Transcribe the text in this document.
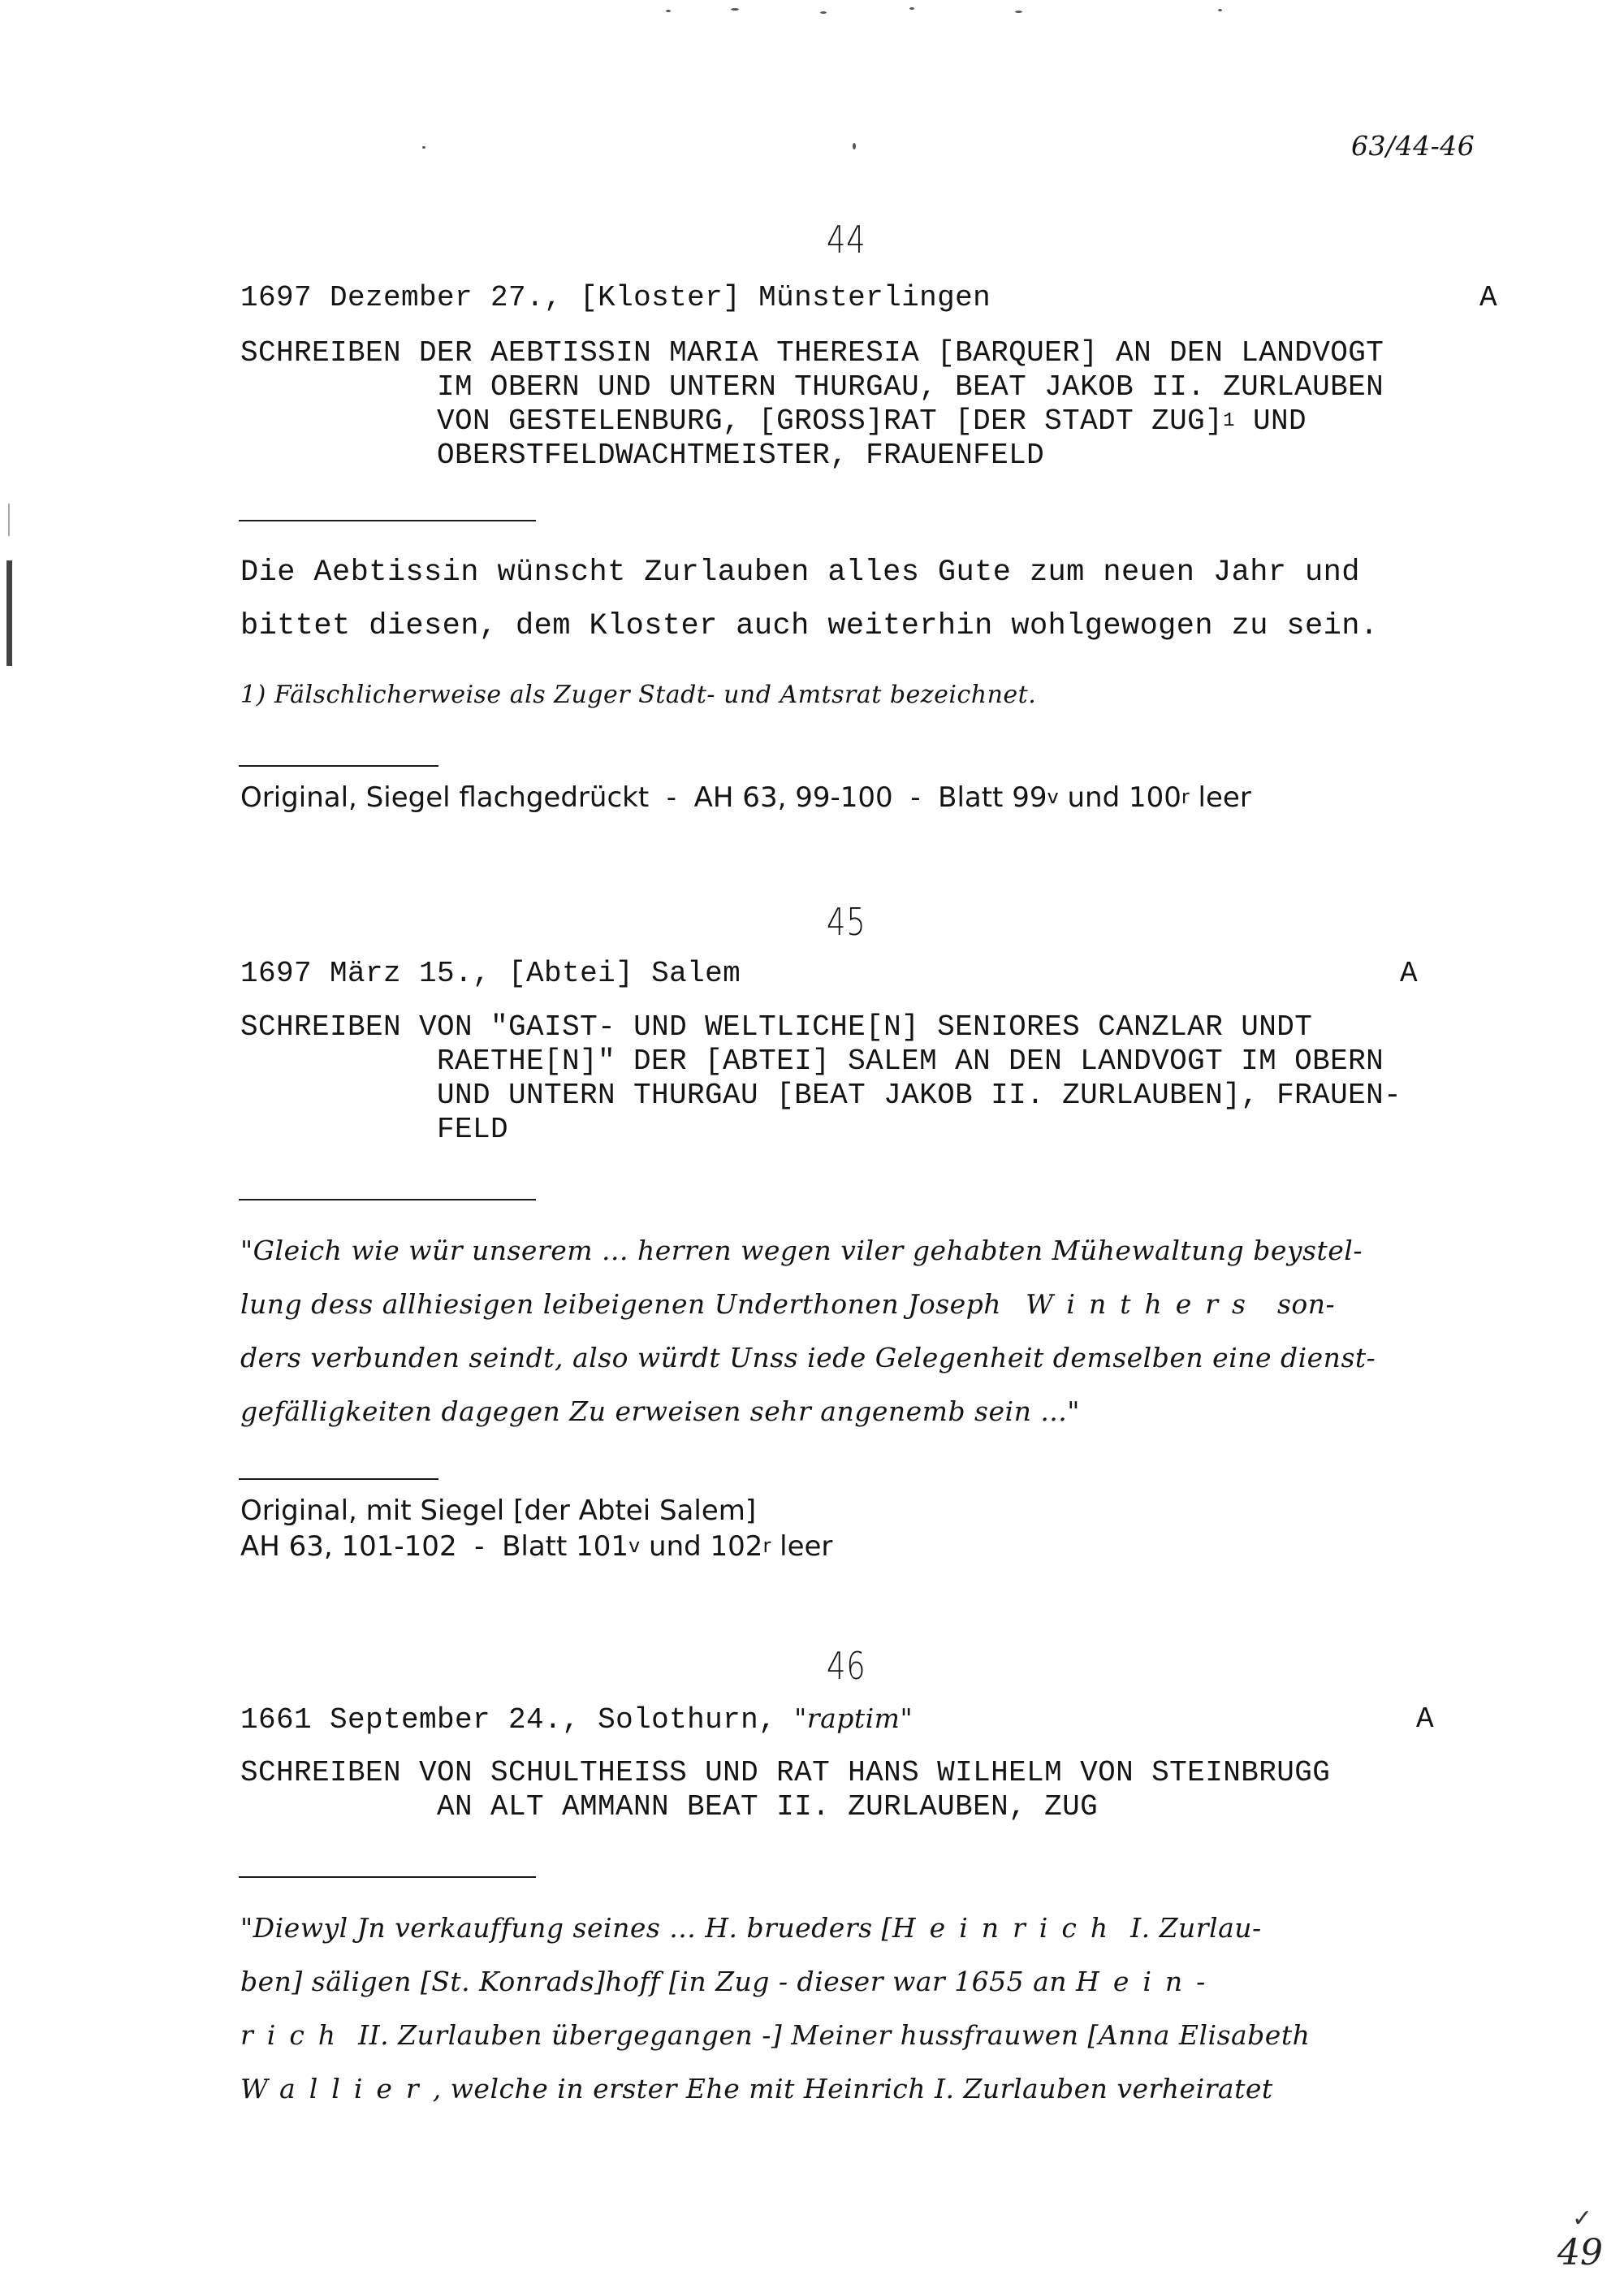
63/44-46
44
1697 Dezember 27., [Kloster] Münsterlingen	A
SCHREIBEN DER AEBTISSIN MARIA THERESIA [BARQUER] AN DEN LANDVOGT
IM OBERN UND UNTERN THURGAU, BEAT JAKOB II. ZURLAUBEN
VON GESTELENBURG, [GROSS]RAT [DER STADT ZUG]$^1$ UND
OBERSTFELDWACHTMEISTER, FRAUENFELD
Die Aebtissin wünscht Zurlauben alles Gute zum neuen Jahr und
bittet diesen, dem Kloster auch weiterhin wohlgewogen zu sein.
1) Fälschlicherweise als Zuger Stadt- und Amtsrat bezeichnet.
Original, Siegel flachgedrückt  -  AH 63, 99-100  -  Blatt 99$^v$ und 100$^r$ leer
45
1697 März 15., [Abtei] Salem	A
SCHREIBEN VON "GAIST- UND WELTLICHE[N] SENIORES CANZLAR UNDT
RAETHE[N]" DER [ABTEI] SALEM AN DEN LANDVOGT IM OBERN
UND UNTERN THURGAU [BEAT JAKOB II. ZURLAUBEN], FRAUEN-
FELD
"Gleich wie wür unserem ... herren wegen viler gehabten Mühewaltung beystel-
lung dess allhiesigen leibeigenen Underthonen Joseph Winthers son-
ders verbunden seindt, also würdt Unss iede Gelegenheit demselben eine dienst-
gefälligkeiten dagegen Zu erweisen sehr angenemb sein ..."
Original, mit Siegel [der Abtei Salem]
AH 63, 101-102  -  Blatt 101$^v$ und 102$^r$ leer
46
1661 September 24., Solothurn, "raptim"	A
SCHREIBEN VON SCHULTHEISS UND RAT HANS WILHELM VON STEINBRUGG
AN ALT AMMANN BEAT II. ZURLAUBEN, ZUG
"Diewyl Jn verkauffung seines ... H. brueders [Heinrich I. Zurlau-
ben] säligen [St. Konrads]hoff [in Zug - dieser war 1655 an Hein-
rich II. Zurlauben übergegangen -] Meiner hussfrauwen [Anna Elisabeth
Wallier, welche in erster Ehe mit Heinrich I. Zurlauben verheiratet
✓
49
